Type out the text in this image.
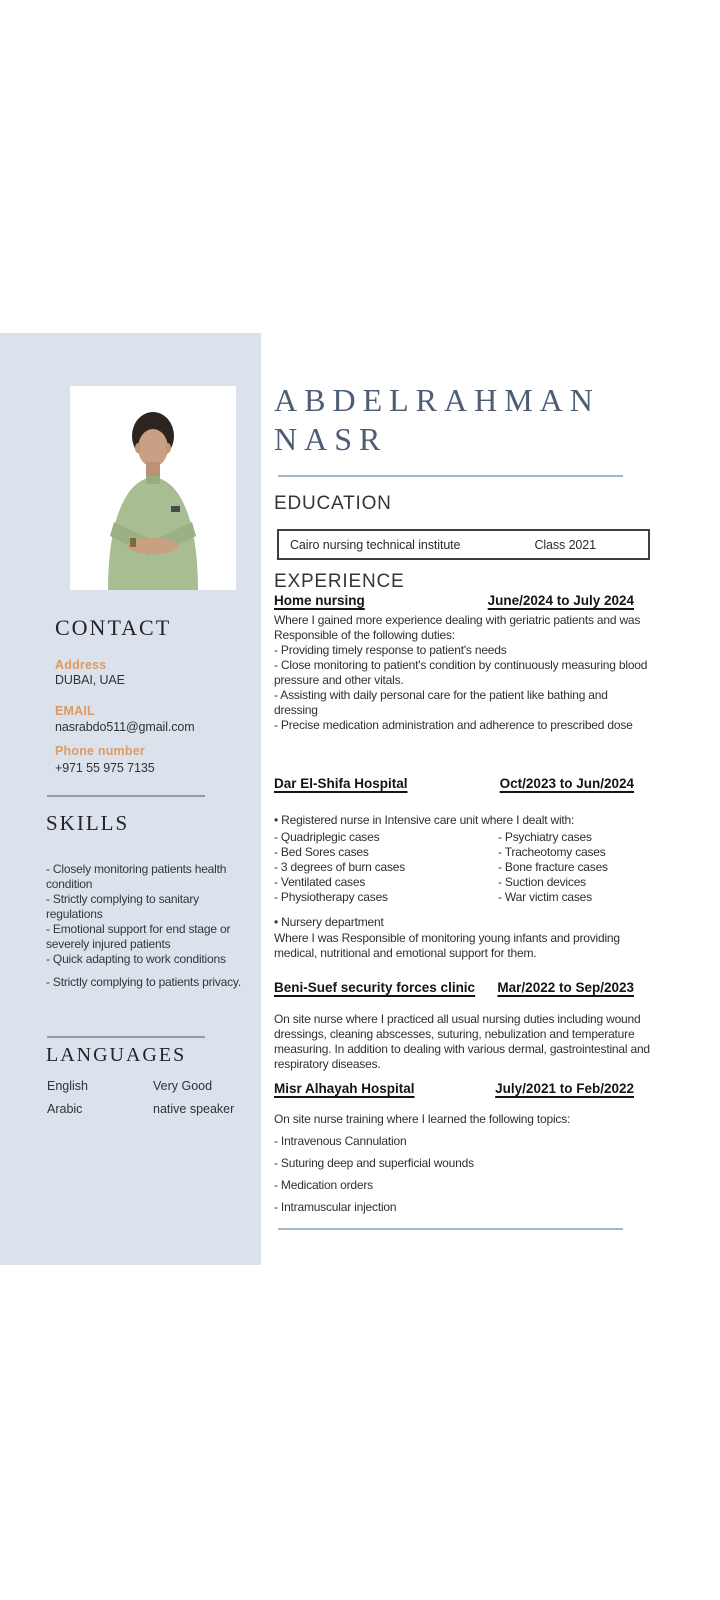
CONTACT
Address
DUBAI, UAE
EMAIL
nasrabdo511@gmail.com
Phone number
+971 55 975 7135
SKILLS
- Closely monitoring patients health condition
- Strictly complying to sanitary regulations
- Emotional support for end stage or severely injured patients
- Quick adapting to work conditions
- Strictly complying to patients privacy.
LANGUAGES
English	Very Good
Arabic	native speaker
ABDELRAHMAN
NASR
EDUCATION
Cairo nursing technical institute	Class 2021
EXPERIENCE
Home nursing	June/2024 to July 2024
Where I gained more experience dealing with geriatric patients and was Responsible of the following duties:
- Providing timely response to patient's needs
- Close monitoring to patient's condition by continuously measuring blood pressure and other vitals.
- Assisting with daily personal care for the patient like bathing and dressing
- Precise medication administration and adherence to prescribed dose
Dar El-Shifa Hospital	Oct/2023 to Jun/2024
• Registered nurse in Intensive care unit where I dealt with:
- Quadriplegic cases
- Bed Sores cases
- 3 degrees of burn cases
- Ventilated cases
- Physiotherapy cases
- Psychiatry cases
- Tracheotomy cases
- Bone fracture cases
- Suction devices
- War victim cases
• Nursery department
Where I was Responsible of monitoring young infants and providing medical, nutritional and emotional support for them.
Beni-Suef security forces clinic Mar/2022 to Sep/2023
On site nurse where I practiced all usual nursing duties including wound dressings, cleaning abscesses, suturing, nebulization and temperature measuring. In addition to dealing with various dermal, gastrointestinal and respiratory diseases.
Misr Alhayah Hospital	July/2021 to Feb/2022
On site nurse training where I learned the following topics:
- Intravenous Cannulation
- Suturing deep and superficial wounds
- Medication orders
- Intramuscular injection
